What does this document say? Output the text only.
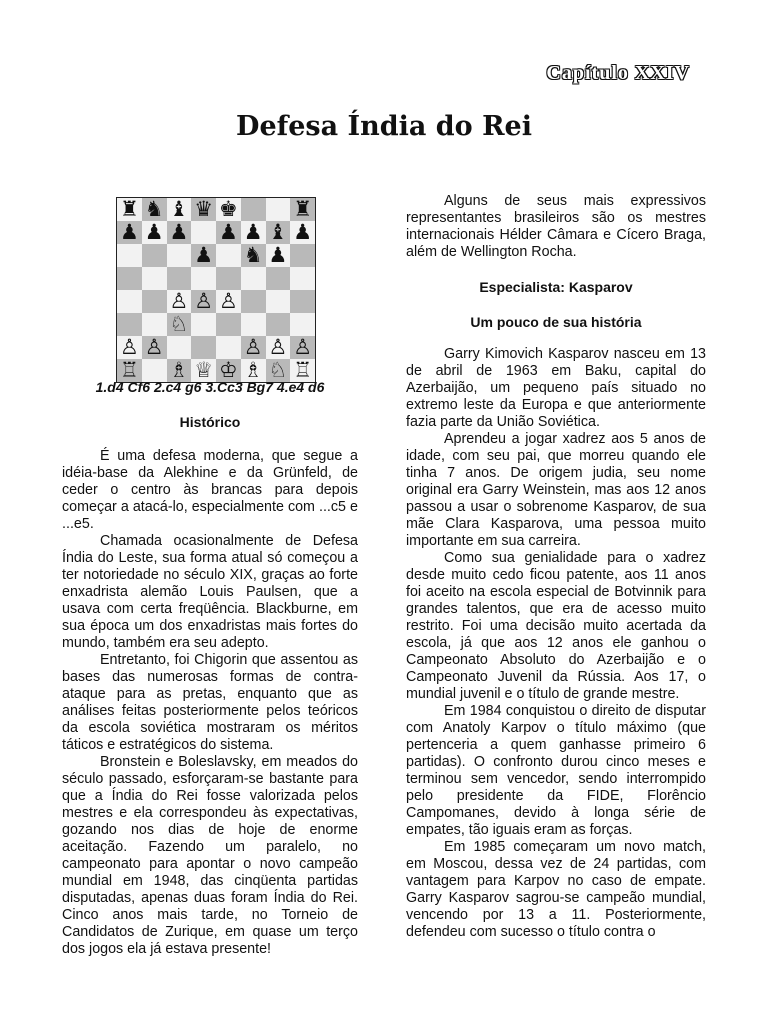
Capítulo XXIV
Defesa Índia do Rei
♜ ♞ ♝ ♛ ♚	♜
♟ ♟ ♟ ♟ ♟ ♝ ♟
♟ ♞ ♟
♙ ♙ ♙
♘
♙ ♙	♙ ♙ ♙
♖ ♗ ♕ ♔ ♗ ♘ ♖
1.d4 Cf6 2.c4 g6 3.Cc3 Bg7 4.e4 d6
Histórico

É uma defesa moderna, que segue a idéia-base da Alekhine e da Grünfeld, de ceder o centro às brancas para depois começar a atacá-lo, especialmente com ...c5 e ...e5.

Chamada ocasionalmente de Defesa Índia do Leste, sua forma atual só começou a ter notoriedade no século XIX, graças ao forte enxadrista alemão Louis Paulsen, que a usava com certa freqüência. Blackburne, em sua época um dos enxadristas mais fortes do mundo, também era seu adepto.

Entretanto, foi Chigorin que assentou as bases das numerosas formas de contra-ataque para as pretas, enquanto que as análises feitas posteriormente pelos teóricos da escola soviética mostraram os méritos táticos e estratégicos do sistema.

Bronstein e Boleslavsky, em meados do século passado, esforçaram-se bastante para que a Índia do Rei fosse valorizada pelos mestres e ela correspondeu às expectativas, gozando nos dias de hoje de enorme aceitação. Fazendo um paralelo, no campeonato para apontar o novo campeão mundial em 1948, das cinqüenta partidas disputadas, apenas duas foram Índia do Rei. Cinco anos mais tarde, no Torneio de Candidatos de Zurique, em quase um terço dos jogos ela já estava presente!

Alguns de seus mais expressivos representantes brasileiros são os mestres internacionais Hélder Câmara e Cícero Braga, além de Wellington Rocha.

Especialista: Kasparov
Um pouco de sua história

Garry Kimovich Kasparov nasceu em 13 de abril de 1963 em Baku, capital do Azerbaijão, um pequeno país situado no extremo leste da Europa e que anteriormente fazia parte da União Soviética.

Aprendeu a jogar xadrez aos 5 anos de idade, com seu pai, que morreu quando ele tinha 7 anos. De origem judia, seu nome original era Garry Weinstein, mas aos 12 anos passou a usar o sobrenome Kasparov, de sua mãe Clara Kasparova, uma pessoa muito importante em sua carreira.

Como sua genialidade para o xadrez desde muito cedo ficou patente, aos 11 anos foi aceito na escola especial de Botvinnik para grandes talentos, que era de acesso muito restrito. Foi uma decisão muito acertada da escola, já que aos 12 anos ele ganhou o Campeonato Absoluto do Azerbaijão e o Campeonato Juvenil da Rússia. Aos 17, o mundial juvenil e o título de grande mestre.

Em 1984 conquistou o direito de disputar com Anatoly Karpov o título máximo (que pertenceria a quem ganhasse primeiro 6 partidas). O confronto durou cinco meses e terminou sem vencedor, sendo interrompido pelo presidente da FIDE, Florêncio Campomanes, devido à longa série de empates, tão iguais eram as forças.

Em 1985 começaram um novo match, em Moscou, dessa vez de 24 partidas, com vantagem para Karpov no caso de empate. Garry Kasparov sagrou-se campeão mundial, vencendo por 13 a 11. Posteriormente, defendeu com sucesso o título contra o
